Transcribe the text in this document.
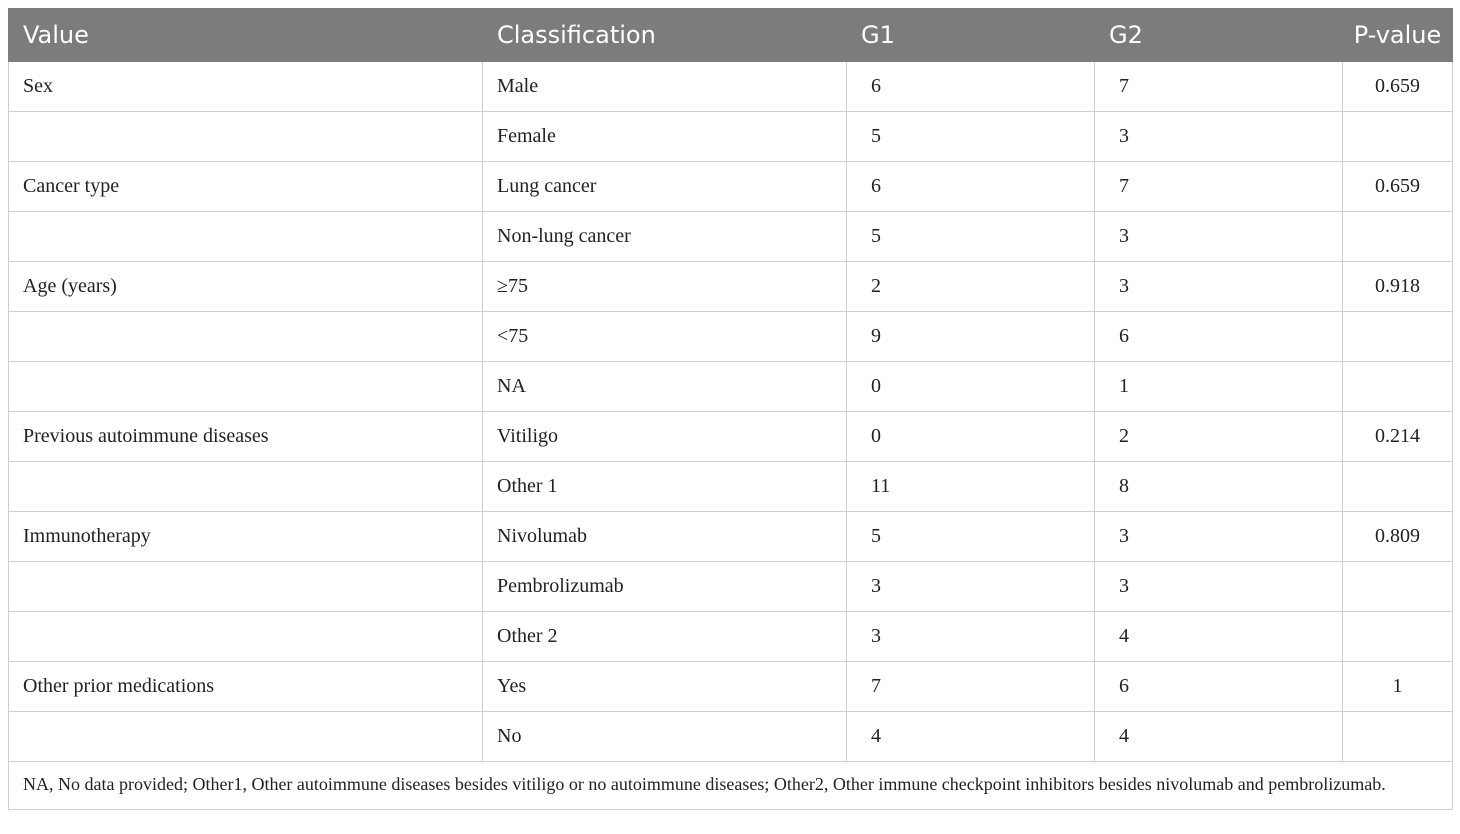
Value	Classification	G1	G2	P-value
Sex	Male	6	7	0.659
	Female	5	3	
Cancer type	Lung cancer	6	7	0.659
	Non-lung cancer	5	3	
Age (years)	≥75	2	3	0.918
	<75	9	6	
	NA	0	1	
Previous autoimmune diseases	Vitiligo	0	2	0.214
	Other 1	11	8	
Immunotherapy	Nivolumab	5	3	0.809
	Pembrolizumab	3	3	
	Other 2	3	4	
Other prior medications	Yes	7	6	1
	No	4	4	
NA, No data provided; Other1, Other autoimmune diseases besides vitiligo or no autoimmune diseases; Other2, Other immune checkpoint inhibitors besides nivolumab and pembrolizumab.				
